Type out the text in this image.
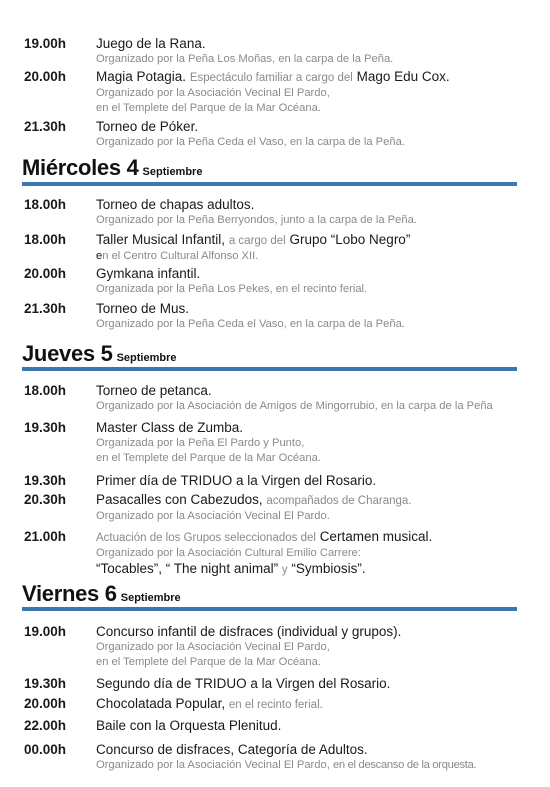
19.00h Juego de la Rana.
Organizado por la Peña Los Moñas, en la carpa de la Peña.
20.00h Magia Potagia. Espectáculo familiar a cargo del Mago Edu Cox.
Organizado por la Asociación Vecinal El Pardo,
en el Templete del Parque de la Mar Océana.
21.30h Torneo de Póker.
Organizado por la Peña Ceda el Vaso, en la carpa de la Peña.
Miércoles 4 Septiembre
18.00h Torneo de chapas adultos.
Organizado por la Peña Berryondos, junto a la carpa de la Peña.
18.00h Taller Musical Infantil, a cargo del Grupo “Lobo Negro”
en el Centro Cultural Alfonso XII.
20.00h Gymkana infantil.
Organizada por la Peña Los Pekes, en el recinto ferial.
21.30h Torneo de Mus.
Organizado por la Peña Ceda el Vaso, en la carpa de la Peña.
Jueves 5 Septiembre
18.00h Torneo de petanca.
Organizado por la Asociación de Amigos de Mingorrubio, en la carpa de la Peña
19.30h Master Class de Zumba.
Organizada por la Peña El Pardo y Punto,
en el Templete del Parque de la Mar Océana.
19.30h Primer día de TRIDUO a la Virgen del Rosario.
20.30h Pasacalles con Cabezudos, acompañados de Charanga.
Organizado por la Asociación Vecinal El Pardo.
21.00h	Actuación de los Grupos seleccionados del Certamen musical.
Organizado por la Asociación Cultural Emilio Carrere:
“Tocables”, “ The night animal” y “Symbiosis”.
Viernes 6 Septiembre
19.00h Concurso infantil de disfraces (individual y grupos).
Organizado por la Asociación Vecinal El Pardo,
en el Templete del Parque de la Mar Océana.
19.30h Segundo día de TRIDUO a la Virgen del Rosario.
20.00h Chocolatada Popular, en el recinto ferial.
22.00h Baile con la Orquesta Plenitud.
00.00h Concurso de disfraces, Categoría de Adultos.
Organizado por la Asociación Vecinal El Pardo, en el descanso de la orquesta.
